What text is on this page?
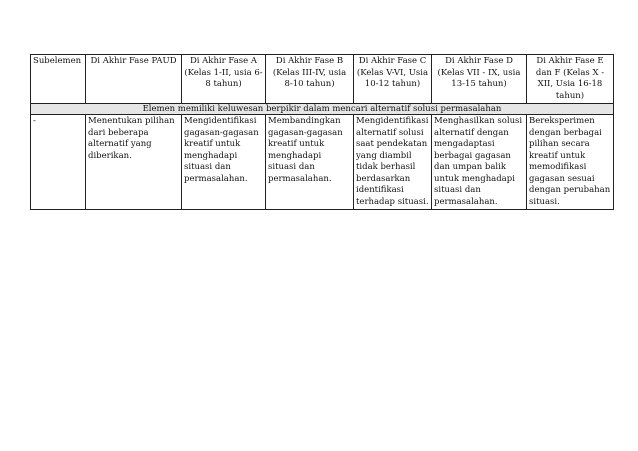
Subelemen	Di Akhir Fase PAUD	Di Akhir Fase A (Kelas 1-II, usia 6-8 tahun)	Di Akhir Fase B (Kelas III-IV, usia 8-10 tahun)	Di Akhir Fase C (Kelas V-VI, Usia 10-12 tahun)	Di Akhir Fase D (Kelas VII - IX, usia 13-15 tahun)	Di Akhir Fase E dan F (Kelas X - XII, Usia 16-18 tahun)

Elemen memiliki keluwesan berpikir dalam mencari alternatif solusi permasalahan						

-	Menentukan pilihan dari beberapa alternatif yang diberikan.	Mengidentifikasi gagasan-gagasan kreatif untuk menghadapi situasi dan permasalahan.	Membandingkan gagasan-gagasan kreatif untuk menghadapi situasi dan permasalahan.	Mengidentifikasi alternatif solusi saat pendekatan yang diambil tidak berhasil berdasarkan identifikasi terhadap situasi.	Menghasilkan solusi alternatif dengan mengadaptasi berbagai gagasan dan umpan balik untuk menghadapi situasi dan permasalahan.	Bereksperimen dengan berbagai pilihan secara kreatif untuk memodifikasi gagasan sesuai dengan perubahan situasi.
